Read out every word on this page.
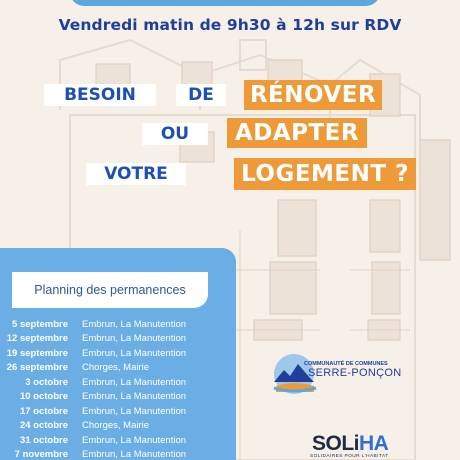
Vendredi matin de 9h30 à 12h sur RDV
BESOIN	DE	RÉNOVER
OU	ADAPTER
VOTRE	LOGEMENT ?
Planning des permanences
5 septembre	Embrun, La Manutention
12 septembre	Embrun, La Manutention
19 septembre	Embrun, La Manutention
26 septembre	Chorges, Mairie
3 octobre	Embrun, La Manutention
10 octobre	Embrun, La Manutention
17 octobre	Embrun, La Manutention
24 octobre	Chorges, Mairie
31 octobre	Embrun, La Manutention
7 novembre	Embrun, La Manutention
COMMUNAUTÉ DE COMMUNES
SERRE-PONÇON
SOLiHA
SOLIDAIRES POUR L'HABITAT
